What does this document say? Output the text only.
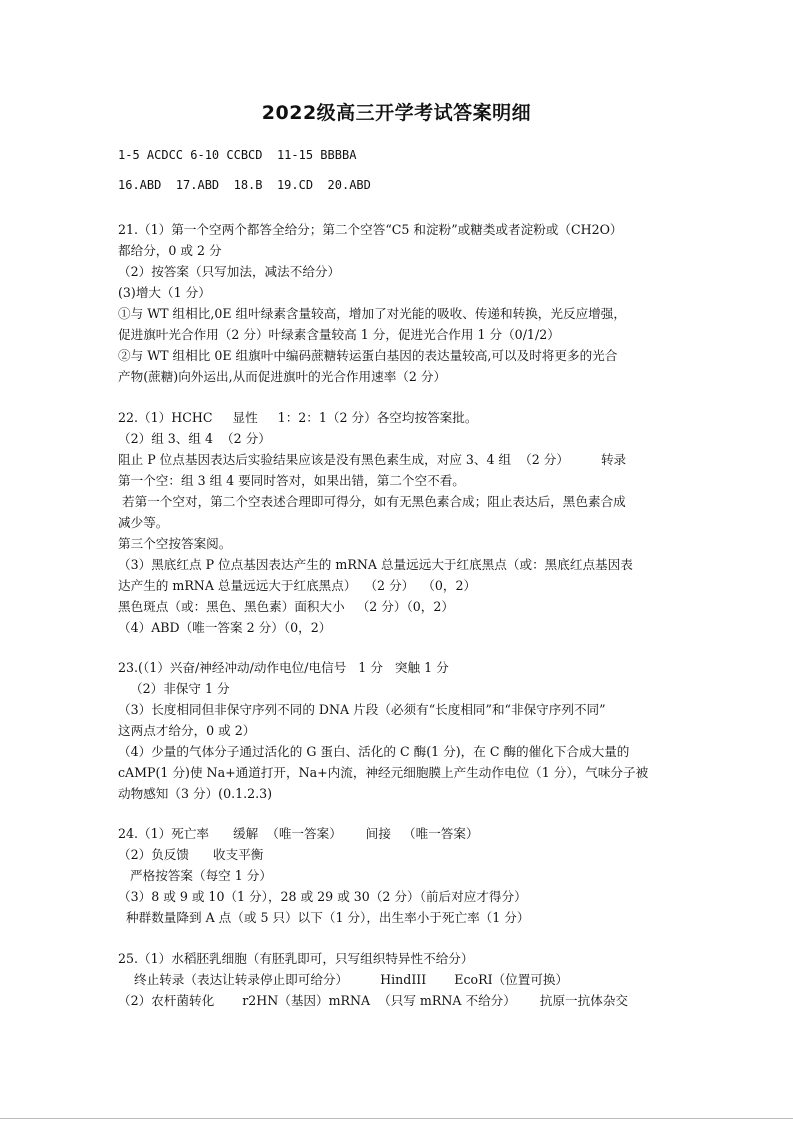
2022级高三开学考试答案明细
1-5 ACDCC 6-10 CCBCD  11-15 BBBBA
16.ABD  17.ABD  18.B  19.CD  20.ABD
21.（1）第一个空两个都答全给分；第二个空答“C5 和淀粉”或糖类或者淀粉或（CH2O）
都给分，0 或 2 分
（2）按答案（只写加法，减法不给分）
(3)增大（1 分）
①与 WT 组相比,0E 组叶绿素含量较高，增加了对光能的吸收、传递和转换，光反应增强，
促进旗叶光合作用（2 分）叶绿素含量较高 1 分，促进光合作用 1 分（0/1/2）
②与 WT 组相比 0E 组旗叶中编码蔗糖转运蛋白基因的表达量较高,可以及时将更多的光合
产物(蔗糖)向外运出,从而促进旗叶的光合作用速率（2 分）
22.（1）HCHC     显性     1：2：1（2 分）各空均按答案批。
（2）组 3、组 4  （2 分）
阻止 P 位点基因表达后实验结果应该是没有黑色素生成，对应 3、4 组  （2 分）        转录
第一个空：组 3 组 4 要同时答对，如果出错，第二个空不看。
若第一个空对，第二个空表述合理即可得分，如有无黑色素合成；阻止表达后，黑色素合成
减少等。
第三个空按答案阅。
（3）黑底红点 P 位点基因表达产生的 mRNA 总量远远大于红底黑点（或：黑底红点基因表
达产生的 mRNA 总量远远大于红底黑点）  （2 分）  （0，2）
黑色斑点（或：黑色、黑色素）面积大小   （2 分）（0，2）
（4）ABD（唯一答案 2 分）（0，2）
23.(（1）兴奋/神经冲动/动作电位/电信号   1 分   突触 1 分
（2）非保守 1 分
（3）长度相同但非保守序列不同的 DNA 片段（必须有“长度相同”和“非保守序列不同”
这两点才给分，0 或 2）
（4）少量的气体分子通过活化的 G 蛋白、活化的 C 酶(1 分)，在 C 酶的催化下合成大量的
cAMP(1 分)使 Na+通道打开，Na+内流，神经元细胞膜上产生动作电位（1 分），气味分子被
动物感知（3 分）(0.1.2.3)
24.（1）死亡率      缓解  （唯一答案）      间接   （唯一答案）
（2）负反馈      收支平衡
严格按答案（每空 1 分）
（3）8 或 9 或 10（1 分），28 或 29 或 30（2 分）（前后对应才得分）
种群数量降到 A 点（或 5 只）以下（1 分），出生率小于死亡率（1 分）
25.（1）水稻胚乳细胞（有胚乳即可，只写组织特异性不给分）
终止转录（表达让转录停止即可给分）        HindIII       EcoRI（位置可换）
（2）农杆菌转化       r2HN（基因）mRNA  （只写 mRNA 不给分）      抗原一抗体杂交
